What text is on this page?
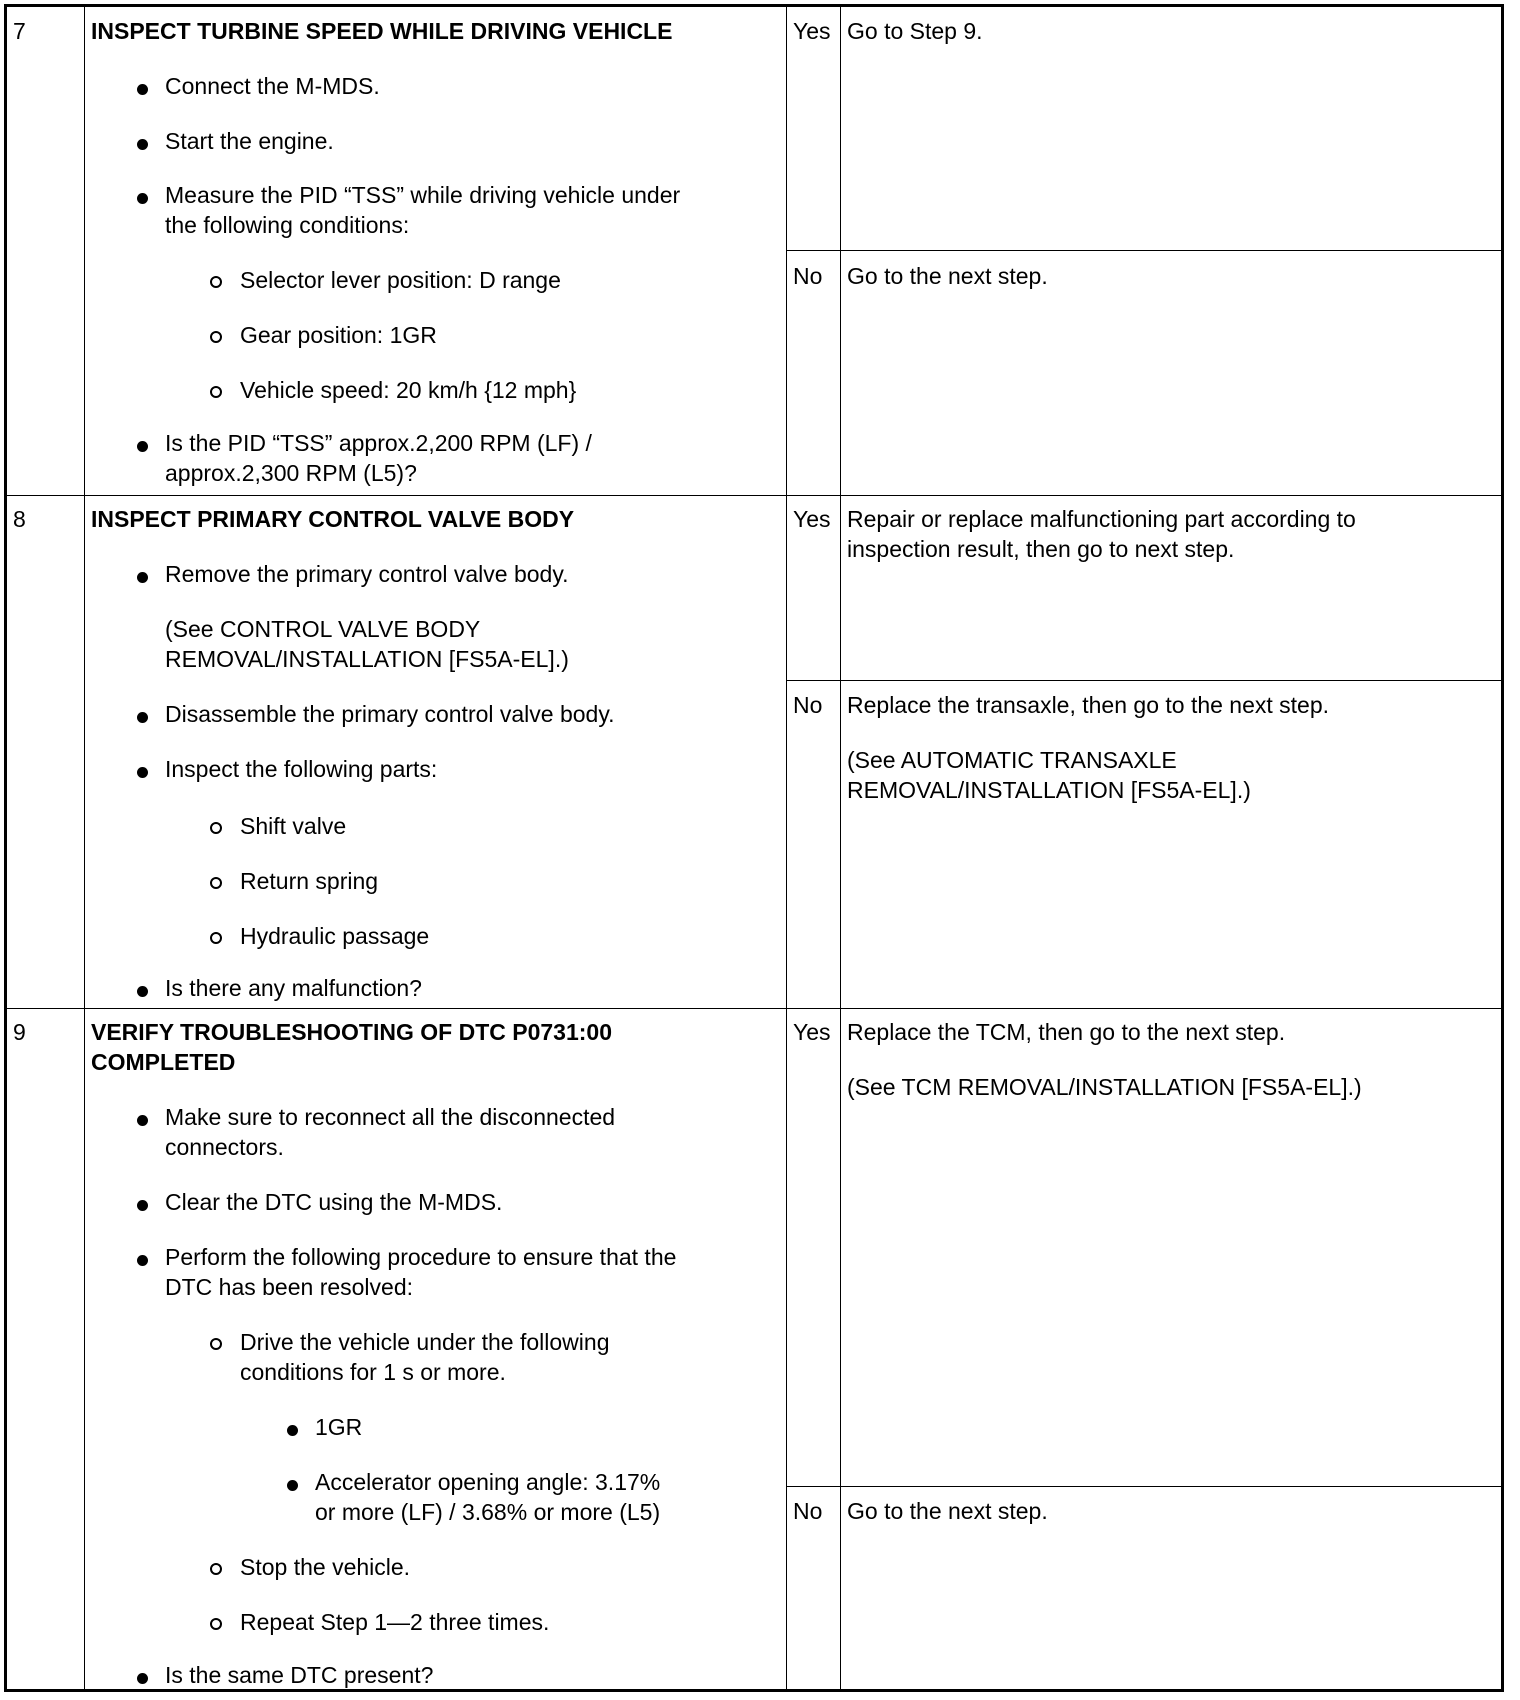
7	INSPECT TURBINE SPEED WHILE DRIVING VEHICLE
Connect the M-MDS.
Start the engine.
Measure the PID “TSS” while driving vehicle under
the following conditions:
Selector lever position: D range
Gear position: 1GR
Vehicle speed: 20 km/h {12 mph}
Is the PID “TSS” approx.2,200 RPM (LF) /
approx.2,300 RPM (L5)?
Yes Go to Step 9.
No Go to the next step.
8	INSPECT PRIMARY CONTROL VALVE BODY
Remove the primary control valve body.
(See CONTROL VALVE BODY
REMOVAL/INSTALLATION [FS5A-EL].)
Disassemble the primary control valve body.
Inspect the following parts:
Shift valve
Return spring
Hydraulic passage
Is there any malfunction?
Yes Repair or replace malfunctioning part according to
inspection result, then go to next step.
No Replace the transaxle, then go to the next step.
(See AUTOMATIC TRANSAXLE
REMOVAL/INSTALLATION [FS5A-EL].)
9	VERIFY TROUBLESHOOTING OF DTC P0731:00
COMPLETED
Make sure to reconnect all the disconnected
connectors.
Clear the DTC using the M-MDS.
Perform the following procedure to ensure that the
DTC has been resolved:
Drive the vehicle under the following
conditions for 1 s or more.
1GR
Accelerator opening angle: 3.17%
or more (LF) / 3.68% or more (L5)
Stop the vehicle.
Repeat Step 1—2 three times.
Is the same DTC present?
Yes Replace the TCM, then go to the next step.
(See TCM REMOVAL/INSTALLATION [FS5A-EL].)
No Go to the next step.
